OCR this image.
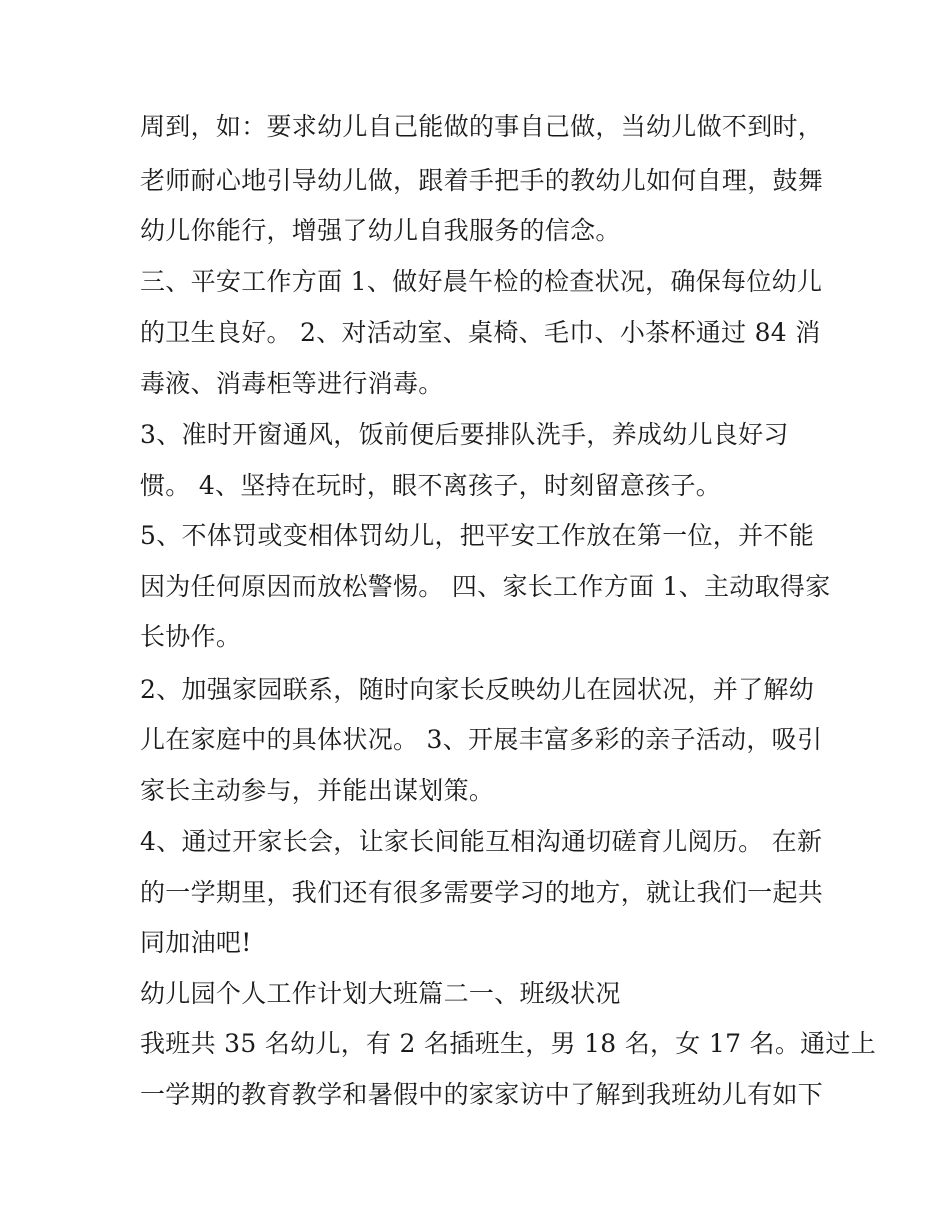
周到，如：要求幼儿自己能做的事自己做，当幼儿做不到时，
老师耐心地引导幼儿做，跟着手把手的教幼儿如何自理，鼓舞
幼儿你能行，增强了幼儿自我服务的信念。
三、平安工作方面 1、做好晨午检的检查状况，确保每位幼儿
的卫生良好。 2、对活动室、桌椅、毛巾、小茶杯通过 84 消
毒液、消毒柜等进行消毒。
3、准时开窗通风，饭前便后要排队洗手，养成幼儿良好习
惯。 4、坚持在玩时，眼不离孩子，时刻留意孩子。
5、不体罚或变相体罚幼儿，把平安工作放在第一位，并不能
因为任何原因而放松警惕。 四、家长工作方面 1、主动取得家
长协作。
2、加强家园联系，随时向家长反映幼儿在园状况，并了解幼
儿在家庭中的具体状况。 3、开展丰富多彩的亲子活动，吸引
家长主动参与，并能出谋划策。
4、通过开家长会，让家长间能互相沟通切磋育儿阅历。 在新
的一学期里，我们还有很多需要学习的地方，就让我们一起共
同加油吧!
幼儿园个人工作计划大班篇二一、班级状况
我班共 35 名幼儿，有 2 名插班生，男 18 名，女 17 名。通过上
一学期的教育教学和暑假中的家家访中了解到我班幼儿有如下
